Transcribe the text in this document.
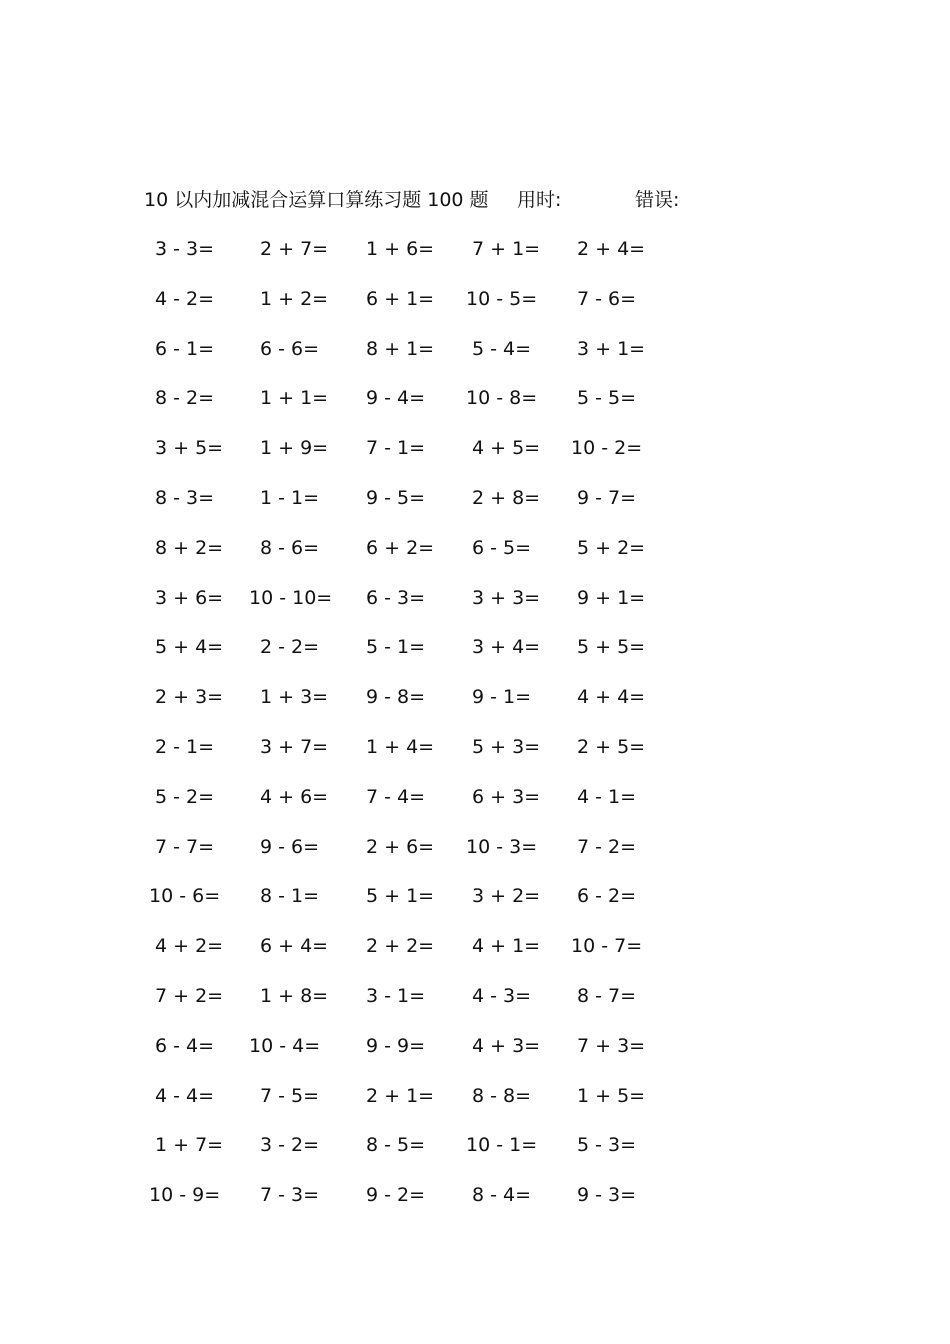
10 以内加减混合运算口算练习题 100 题 用时:	错误:
3 - 3=	2 + 7=	1 + 6=	7 + 1=	2 + 4=
4 - 2=	1 + 2=	6 + 1=	10 - 5=	7 - 6=
6 - 1=	6 - 6=	8 + 1=	5 - 4=	3 + 1=
8 - 2=	1 + 1=	9 - 4=	10 - 8=	5 - 5=
3 + 5=	1 + 9=	7 - 1=	4 + 5=	10 - 2=
8 - 3=	1 - 1=	9 - 5=	2 + 8=	9 - 7=
8 + 2=	8 - 6=	6 + 2=	6 - 5=	5 + 2=
3 + 6=	10 - 10=	6 - 3=	3 + 3=	9 + 1=
5 + 4=	2 - 2=	5 - 1=	3 + 4=	5 + 5=
2 + 3=	1 + 3=	9 - 8=	9 - 1=	4 + 4=
2 - 1=	3 + 7=	1 + 4=	5 + 3=	2 + 5=
5 - 2=	4 + 6=	7 - 4=	6 + 3=	4 - 1=
7 - 7=	9 - 6=	2 + 6=	10 - 3=	7 - 2=
10 - 6=	8 - 1=	5 + 1=	3 + 2=	6 - 2=
4 + 2=	6 + 4=	2 + 2=	4 + 1=	10 - 7=
7 + 2=	1 + 8=	3 - 1=	4 - 3=	8 - 7=
6 - 4=	10 - 4=	9 - 9=	4 + 3=	7 + 3=
4 - 4=	7 - 5=	2 + 1=	8 - 8=	1 + 5=
1 + 7=	3 - 2=	8 - 5=	10 - 1=	5 - 3=
10 - 9=	7 - 3=	9 - 2=	8 - 4=	9 - 3=
